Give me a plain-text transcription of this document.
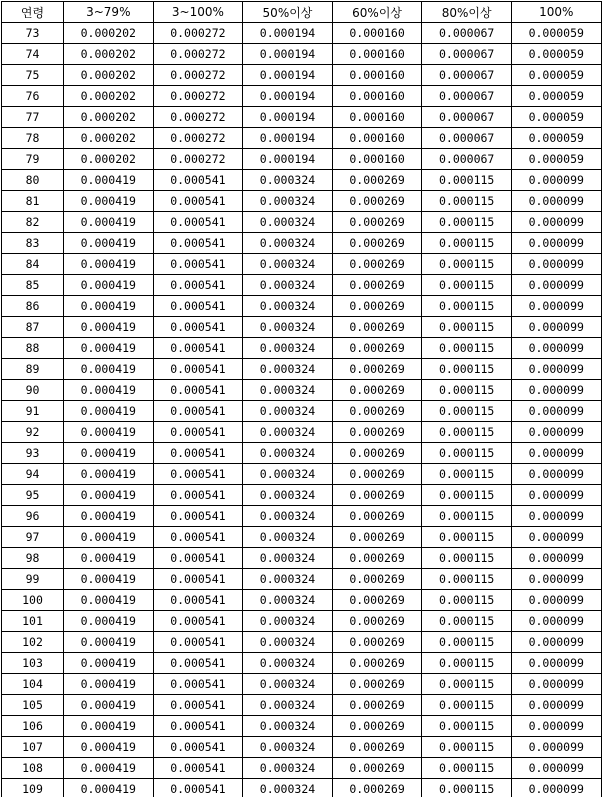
연령	3~79%	3~100%	50%이상	60%이상	80%이상	100%
73	0.000202	0.000272	0.000194	0.000160	0.000067	0.000059
74	0.000202	0.000272	0.000194	0.000160	0.000067	0.000059
75	0.000202	0.000272	0.000194	0.000160	0.000067	0.000059
76	0.000202	0.000272	0.000194	0.000160	0.000067	0.000059
77	0.000202	0.000272	0.000194	0.000160	0.000067	0.000059
78	0.000202	0.000272	0.000194	0.000160	0.000067	0.000059
79	0.000202	0.000272	0.000194	0.000160	0.000067	0.000059
80	0.000419	0.000541	0.000324	0.000269	0.000115	0.000099
81	0.000419	0.000541	0.000324	0.000269	0.000115	0.000099
82	0.000419	0.000541	0.000324	0.000269	0.000115	0.000099
83	0.000419	0.000541	0.000324	0.000269	0.000115	0.000099
84	0.000419	0.000541	0.000324	0.000269	0.000115	0.000099
85	0.000419	0.000541	0.000324	0.000269	0.000115	0.000099
86	0.000419	0.000541	0.000324	0.000269	0.000115	0.000099
87	0.000419	0.000541	0.000324	0.000269	0.000115	0.000099
88	0.000419	0.000541	0.000324	0.000269	0.000115	0.000099
89	0.000419	0.000541	0.000324	0.000269	0.000115	0.000099
90	0.000419	0.000541	0.000324	0.000269	0.000115	0.000099
91	0.000419	0.000541	0.000324	0.000269	0.000115	0.000099
92	0.000419	0.000541	0.000324	0.000269	0.000115	0.000099
93	0.000419	0.000541	0.000324	0.000269	0.000115	0.000099
94	0.000419	0.000541	0.000324	0.000269	0.000115	0.000099
95	0.000419	0.000541	0.000324	0.000269	0.000115	0.000099
96	0.000419	0.000541	0.000324	0.000269	0.000115	0.000099
97	0.000419	0.000541	0.000324	0.000269	0.000115	0.000099
98	0.000419	0.000541	0.000324	0.000269	0.000115	0.000099
99	0.000419	0.000541	0.000324	0.000269	0.000115	0.000099
100	0.000419	0.000541	0.000324	0.000269	0.000115	0.000099
101	0.000419	0.000541	0.000324	0.000269	0.000115	0.000099
102	0.000419	0.000541	0.000324	0.000269	0.000115	0.000099
103	0.000419	0.000541	0.000324	0.000269	0.000115	0.000099
104	0.000419	0.000541	0.000324	0.000269	0.000115	0.000099
105	0.000419	0.000541	0.000324	0.000269	0.000115	0.000099
106	0.000419	0.000541	0.000324	0.000269	0.000115	0.000099
107	0.000419	0.000541	0.000324	0.000269	0.000115	0.000099
108	0.000419	0.000541	0.000324	0.000269	0.000115	0.000099
109	0.000419	0.000541	0.000324	0.000269	0.000115	0.000099
